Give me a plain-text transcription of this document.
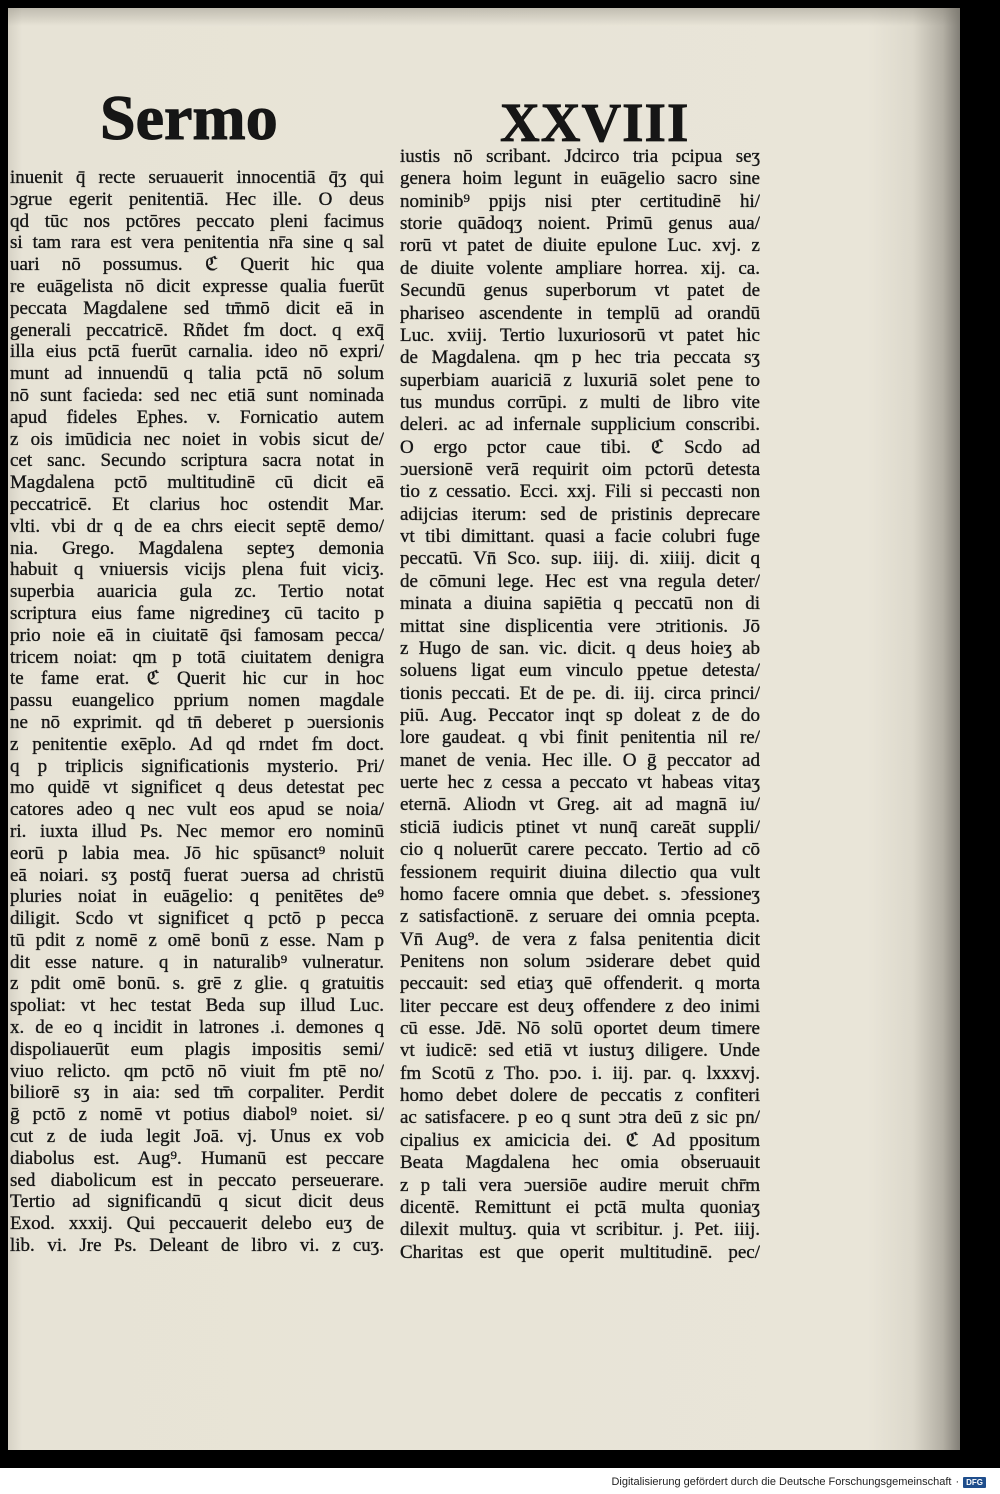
Sermo	XXVIII
inuenit q̄ recte seruauerit innocentiā q̄ʒ qui
ↄgrue egerit penitentiā. Hec ille. O deus
qd tūc nos pctōres peccato pleni facimus
si tam rara est vera penitentia nr̄a sine q sal
uari nō possumus. ℭ Querit hic qua
re euāgelista nō dicit expresse qualia fuerūt
peccata Magdalene sed tm̄mō dicit eā in
generali peccatricē. Rñdet fm doct. q exq̄
illa eius pctā fuerūt carnalia. ideo nō expri/
munt ad innuendū q talia pctā nō solum
nō sunt facieda: sed nec etiā sunt nominada
apud fideles Ephes. v. Fornicatio autem
z ois imūdicia nec noiet in vobis sicut de/
cet sanc. Secundo scriptura sacra notat in
Magdalena pctō multitudinē cū dicit eā
peccatricē. Et clarius hoc ostendit Mar.
vlti. vbi dr q de ea chrs eiecit septē demo/
nia. Grego. Magdalena septeʒ demonia
habuit q vniuersis vicijs plena fuit viciʒ.
superbia auaricia gula zc. Tertio notat
scriptura eius fame nigredineʒ cū tacito p
prio noie eā in ciuitatē q̄si famosam pecca/
tricem noiat: qm p totā ciuitatem denigra
te fame erat. ℭ Querit hic cur in hoc
passu euangelico pprium nomen magdale
ne nō exprimit. qd tn̄ deberet p ↄuersionis
z penitentie exēplo. Ad qd rndet fm doct.
q p triplicis significationis mysterio. Pri/
mo quidē vt significet q deus detestat pec
catores adeo q nec vult eos apud se noia/
ri. iuxta illud Ps. Nec memor ero nominū
eorū p labia mea. Jō hic spūsanct⁹ noluit
eā noiari. sʒ postq̄ fuerat ↄuersa ad christū
pluries noiat in euāgelio: q penitētes de⁹
diligit. Scdo vt significet q pctō p pecca
tū pdit z nomē z omē bonū z esse. Nam p
dit esse nature. q in naturalib⁹ vulneratur.
z pdit omē bonū. s. grē z glie. q gratuitis
spoliat: vt hec testat Beda sup illud Luc.
x. de eo q incidit in latrones .i. demones q
dispoliauerūt eum plagis impositis semi/
viuo relicto. qm pctō nō viuit fm ptē no/
biliorē sʒ in aia: sed tm̄ corpaliter. Perdit
ḡ pctō z nomē vt potius diabol⁹ noiet. si/
cut z de iuda legit Joā. vj. Unus ex vob
diabolus est. Aug⁹. Humanū est peccare
sed diabolicum est in peccato perseuerare.
Tertio ad significandū q sicut dicit deus
Exod. xxxij. Qui peccauerit delebo euʒ de
lib. vi. Jre Ps. Deleant de libro vi. z cuʒ.
iustis nō scribant. Jdcirco tria pcipua seʒ
genera hoim legunt in euāgelio sacro sine
nominib⁹ ppijs nisi pter certitudinē hi/
storie quādoqʒ noient. Primū genus aua/
rorū vt patet de diuite epulone Luc. xvj. z
de diuite volente ampliare horrea. xij. ca.
Secundū genus superborum vt patet de
phariseo ascendente in templū ad orandū
Luc. xviij. Tertio luxuriosorū vt patet hic
de Magdalena. qm p hec tria peccata sʒ
superbiam auariciā z luxuriā solet pene to
tus mundus corrūpi. z multi de libro vite
deleri. ac ad infernale supplicium conscribi.
O ergo pctor caue tibi. ℭ Scdo ad
ↄuersionē verā requirit oim pctorū detesta
tio z cessatio. Ecci. xxj. Fili si peccasti non
adijcias iterum: sed de pristinis deprecare
vt tibi dimittant. quasi a facie colubri fuge
peccatū. Vn̄ Sco. sup. iiij. di. xiiij. dicit q
de cōmuni lege. Hec est vna regula deter/
minata a diuina sapiētia q peccatū non di
mittat sine displicentia vere ↄtritionis. Jō
z Hugo de san. vic. dicit. q deus hoieʒ ab
soluens ligat eum vinculo ppetue detesta/
tionis peccati. Et de pe. di. iij. circa princi/
piū. Aug. Peccator inqt sp doleat z de do
lore gaudeat. q vbi finit penitentia nil re/
manet de venia. Hec ille. O ḡ peccator ad
uerte hec z cessa a peccato vt habeas vitaʒ
eternā. Aliodn vt Greg. ait ad magnā iu/
sticiā iudicis ptinet vt nunq̄ careāt suppli/
cio q noluerūt carere peccato. Tertio ad cō
fessionem requirit diuina dilectio qua vult
homo facere omnia que debet. s. ↄfessioneʒ
z satisfactionē. z seruare dei omnia pcepta.
Vn̄ Aug⁹. de vera z falsa penitentia dicit
Penitens non solum ↄsiderare debet quid
peccauit: sed etiaʒ quē offenderit. q morta
liter peccare est deuʒ offendere z deo inimi
cū esse. Jdē. Nō solū oportet deum timere
vt iudicē: sed etiā vt iustuʒ diligere. Unde
fm Scotū z Tho. pↄo. i. iij. par. q. lxxxvj.
homo debet dolere de peccatis z confiteri
ac satisfacere. p eo q sunt ↄtra deū z sic pn/
cipalius ex amicicia dei. ℭ Ad ppositum
Beata Magdalena hec omia obseruauit
z p tali vera ↄuersiōe audire meruit chr̄m
dicentē. Remittunt ei pctā multa quoniaʒ
dilexit multuʒ. quia vt scribitur. j. Pet. iiij.
Charitas est que operit multitudinē. pec/
Digitalisierung gefördert durch die Deutsche Forschungsgemeinschaft · DFG
